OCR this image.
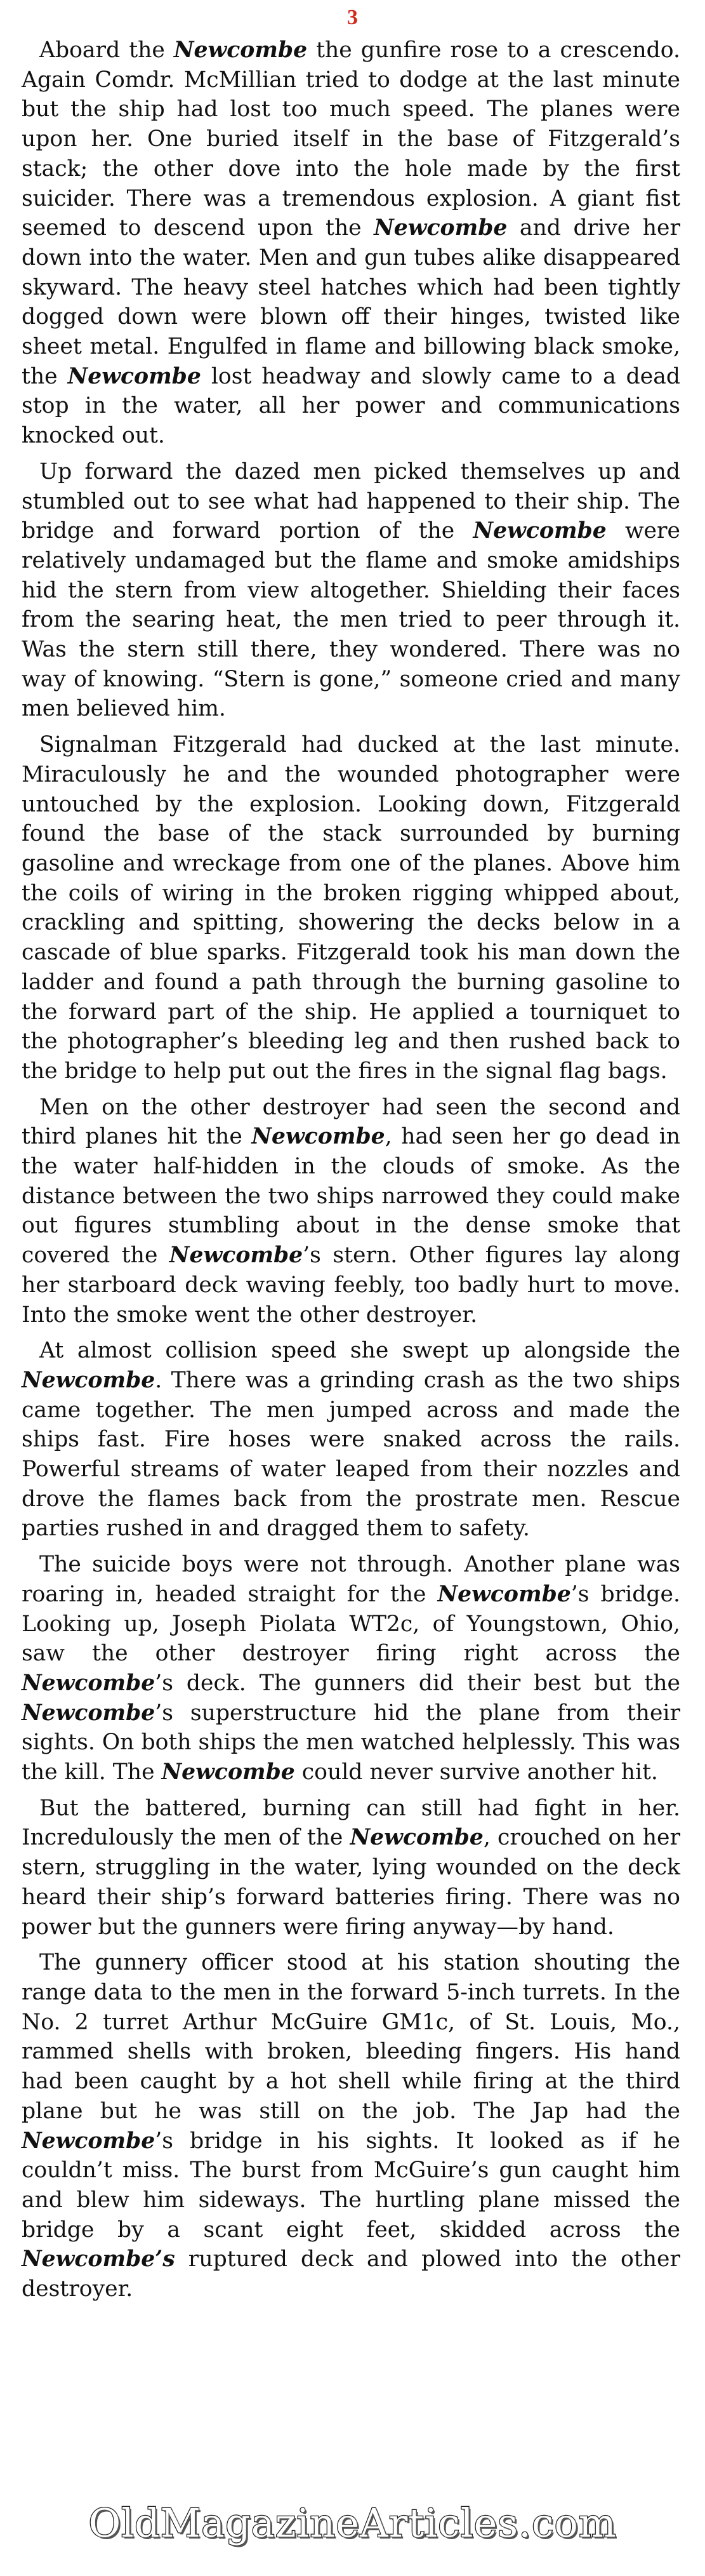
3

Aboard the Newcombe the gunfire rose to a crescendo. Again Comdr. McMillian tried to dodge at the last minute but the ship had lost too much speed. The planes were upon her. One buried itself in the base of Fitzgerald’s stack; the other dove into the hole made by the first suicider. There was a tremendous explosion. A giant fist seemed to descend upon the Newcombe and drive her down into the water. Men and gun tubes alike disappeared skyward. The heavy steel hatches which had been tightly dogged down were blown off their hinges, twisted like sheet metal. Engulfed in flame and billowing black smoke, the Newcombe lost headway and slowly came to a dead stop in the water, all her power and communications knocked out.

Up forward the dazed men picked themselves up and stumbled out to see what had happened to their ship. The bridge and forward portion of the Newcombe were relatively undamaged but the flame and smoke amidships hid the stern from view altogether. Shielding their faces from the searing heat, the men tried to peer through it. Was the stern still there, they wondered. There was no way of knowing. “Stern is gone,” someone cried and many men believed him.

Signalman Fitzgerald had ducked at the last minute. Miraculously he and the wounded photographer were untouched by the explosion. Looking down, Fitzgerald found the base of the stack surrounded by burning gasoline and wreckage from one of the planes. Above him the coils of wiring in the broken rigging whipped about, crackling and spitting, showering the decks below in a cascade of blue sparks. Fitzgerald took his man down the ladder and found a path through the burning gasoline to the forward part of the ship. He applied a tourniquet to the photographer’s bleeding leg and then rushed back to the bridge to help put out the fires in the signal flag bags.

Men on the other destroyer had seen the second and third planes hit the Newcombe, had seen her go dead in the water half-hidden in the clouds of smoke. As the distance between the two ships narrowed they could make out figures stumbling about in the dense smoke that covered the Newcombe’s stern. Other figures lay along her starboard deck waving feebly, too badly hurt to move. Into the smoke went the other destroyer.

At almost collision speed she swept up alongside the Newcombe. There was a grinding crash as the two ships came together. The men jumped across and made the ships fast. Fire hoses were snaked across the rails. Powerful streams of water leaped from their nozzles and drove the flames back from the prostrate men. Rescue parties rushed in and dragged them to safety.

The suicide boys were not through. Another plane was roaring in, headed straight for the Newcombe’s bridge. Looking up, Joseph Piolata WT2c, of Youngstown, Ohio, saw the other destroyer firing right across the Newcombe’s deck. The gunners did their best but the Newcombe’s superstructure hid the plane from their sights. On both ships the men watched helplessly. This was the kill. The Newcombe could never survive another hit.

But the battered, burning can still had fight in her. Incredulously the men of the Newcombe, crouched on her stern, struggling in the water, lying wounded on the deck heard their ship’s forward batteries firing. There was no power but the gunners were firing anyway—by hand.

The gunnery officer stood at his station shouting the range data to the men in the forward 5-inch turrets. In the No. 2 turret Arthur McGuire GM1c, of St. Louis, Mo., rammed shells with broken, bleeding fingers. His hand had been caught by a hot shell while firing at the third plane but he was still on the job. The Jap had the Newcombe’s bridge in his sights. It looked as if he couldn’t miss. The burst from McGuire’s gun caught him and blew him sideways. The hurtling plane missed the bridge by a scant eight feet, skidded across the Newcombe’s ruptured deck and plowed into the other destroyer.

OldMagazineArticles.com
